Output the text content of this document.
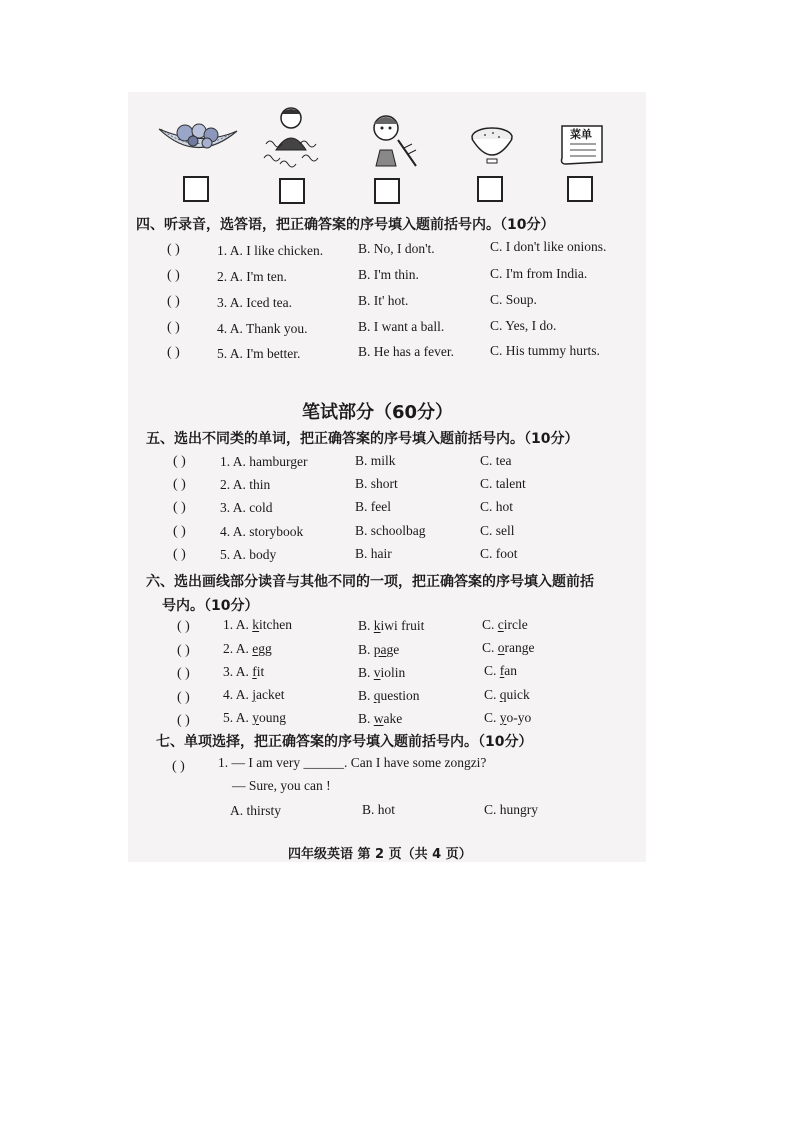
菜单
四、听录音，选答语，把正确答案的序号填入题前括号内。（10分）
( )	1. A. I like chicken.	B. No, I don't.	C. I don't like onions.
( )	2. A. I'm ten.	B. I'm thin.	C. I'm from India.
( )	3. A. Iced tea.	B. It' hot.	C. Soup.
( )	4. A. Thank you.	B. I want a ball.	C. Yes, I do.
( )	5. A. I'm better.	B. He has a fever.	C. His tummy hurts.
笔试部分（60分）
五、选出不同类的单词，把正确答案的序号填入题前括号内。（10分）
( )	1. A. hamburger	B. milk	C. tea
( )	2. A. thin	B. short	C. talent
( )	3. A. cold	B. feel	C. hot
( )	4. A. storybook	B. schoolbag	C. sell
( )	5. A. body	B. hair	C. foot
六、选出画线部分读音与其他不同的一项，把正确答案的序号填入题前括
号内。（10分）
( ) 1. A. kitchen	B. kiwi fruit	C. circle
( ) 2. A. egg	B. page	C. orange
( ) 3. A. fit	B. violin	C. fan
( ) 4. A. jacket	B. question	C. quick
( ) 5. A. young	B. wake	C. yo-yo
七、单项选择，把正确答案的序号填入题前括号内。（10分）
( ) 1. — I am very ______. Can I have some zongzi?
— Sure, you can !
A. thirsty	B. hot	C. hungry
四年级英语 第 2 页（共 4 页）
